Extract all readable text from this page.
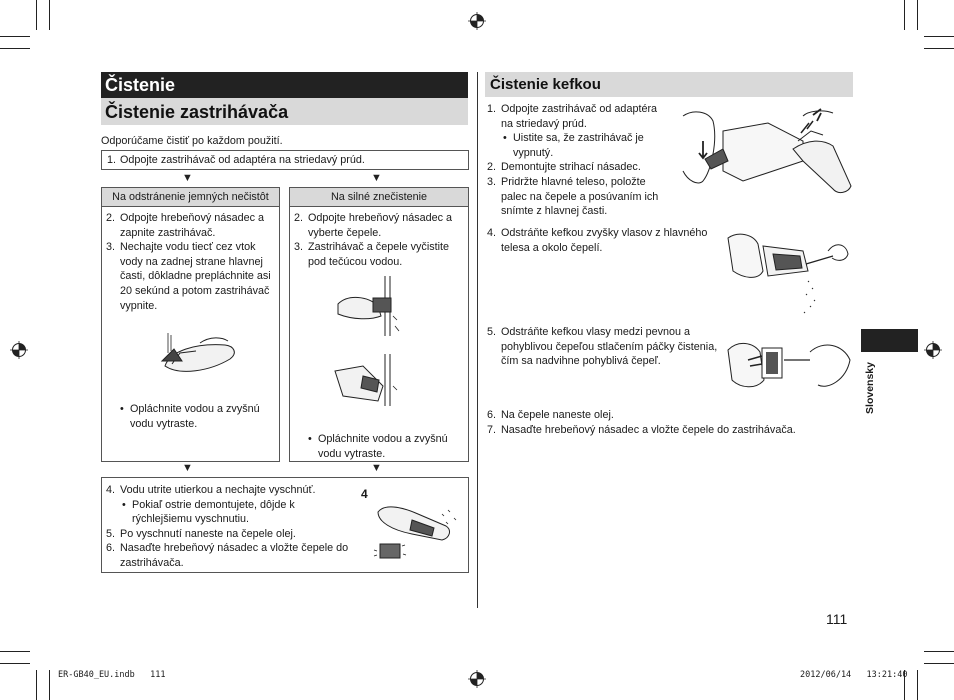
Čistenie
Čistenie zastrihávača
Odporúčame čistiť po každom použití.
1. Odpojte zastrihávač od adaptéra na striedavý prúd.
▼	▼
Na odstránenie jemných nečistôt
2. Odpojte hrebeňový násadec a zapnite zastrihávač.
3. Nechajte vodu tiecť cez vtok vody na zadnej strane hlavnej časti, dôkladne prepláchnite asi 20 sekúnd a potom zastrihávač vypnite.
• Opláchnite vodou a zvyšnú vodu vytraste.
Na silné znečistenie
2. Odpojte hrebeňový násadec a vyberte čepele.
3. Zastrihávač a čepele vyčistite pod tečúcou vodou.
• Opláchnite vodou a zvyšnú vodu vytraste.
▼	▼
4. Vodu utrite utierkou a nechajte vyschnúť.
• Pokiaľ ostrie demontujete, dôjde k rýchlejšiemu vyschnutiu.
5. Po vyschnutí naneste na čepele olej.
6. Nasaďte hrebeňový násadec a vložte čepele do zastrihávača.
4
Čistenie kefkou
1. Odpojte zastrihávač od adaptéra na striedavý prúd.
• Uistite sa, že zastrihávač je vypnutý.
2. Demontujte strihací násadec.
3. Pridržte hlavné teleso, položte palec na čepele a posúvaním ich snímte z hlavnej časti.
4. Odstráňte kefkou zvyšky vlasov z hlavného telesa a okolo čepelí.
5. Odstráňte kefkou vlasy medzi pevnou a pohyblivou čepeľou stlačením páčky čistenia, čím sa nadvihne pohyblivá čepeľ.
6. Na čepele naneste olej.
7. Nasaďte hrebeňový násadec a vložte čepele do zastrihávača.
Slovensky
111
ER-GB40_EU.indb   111	2012/06/14   13:21:40
